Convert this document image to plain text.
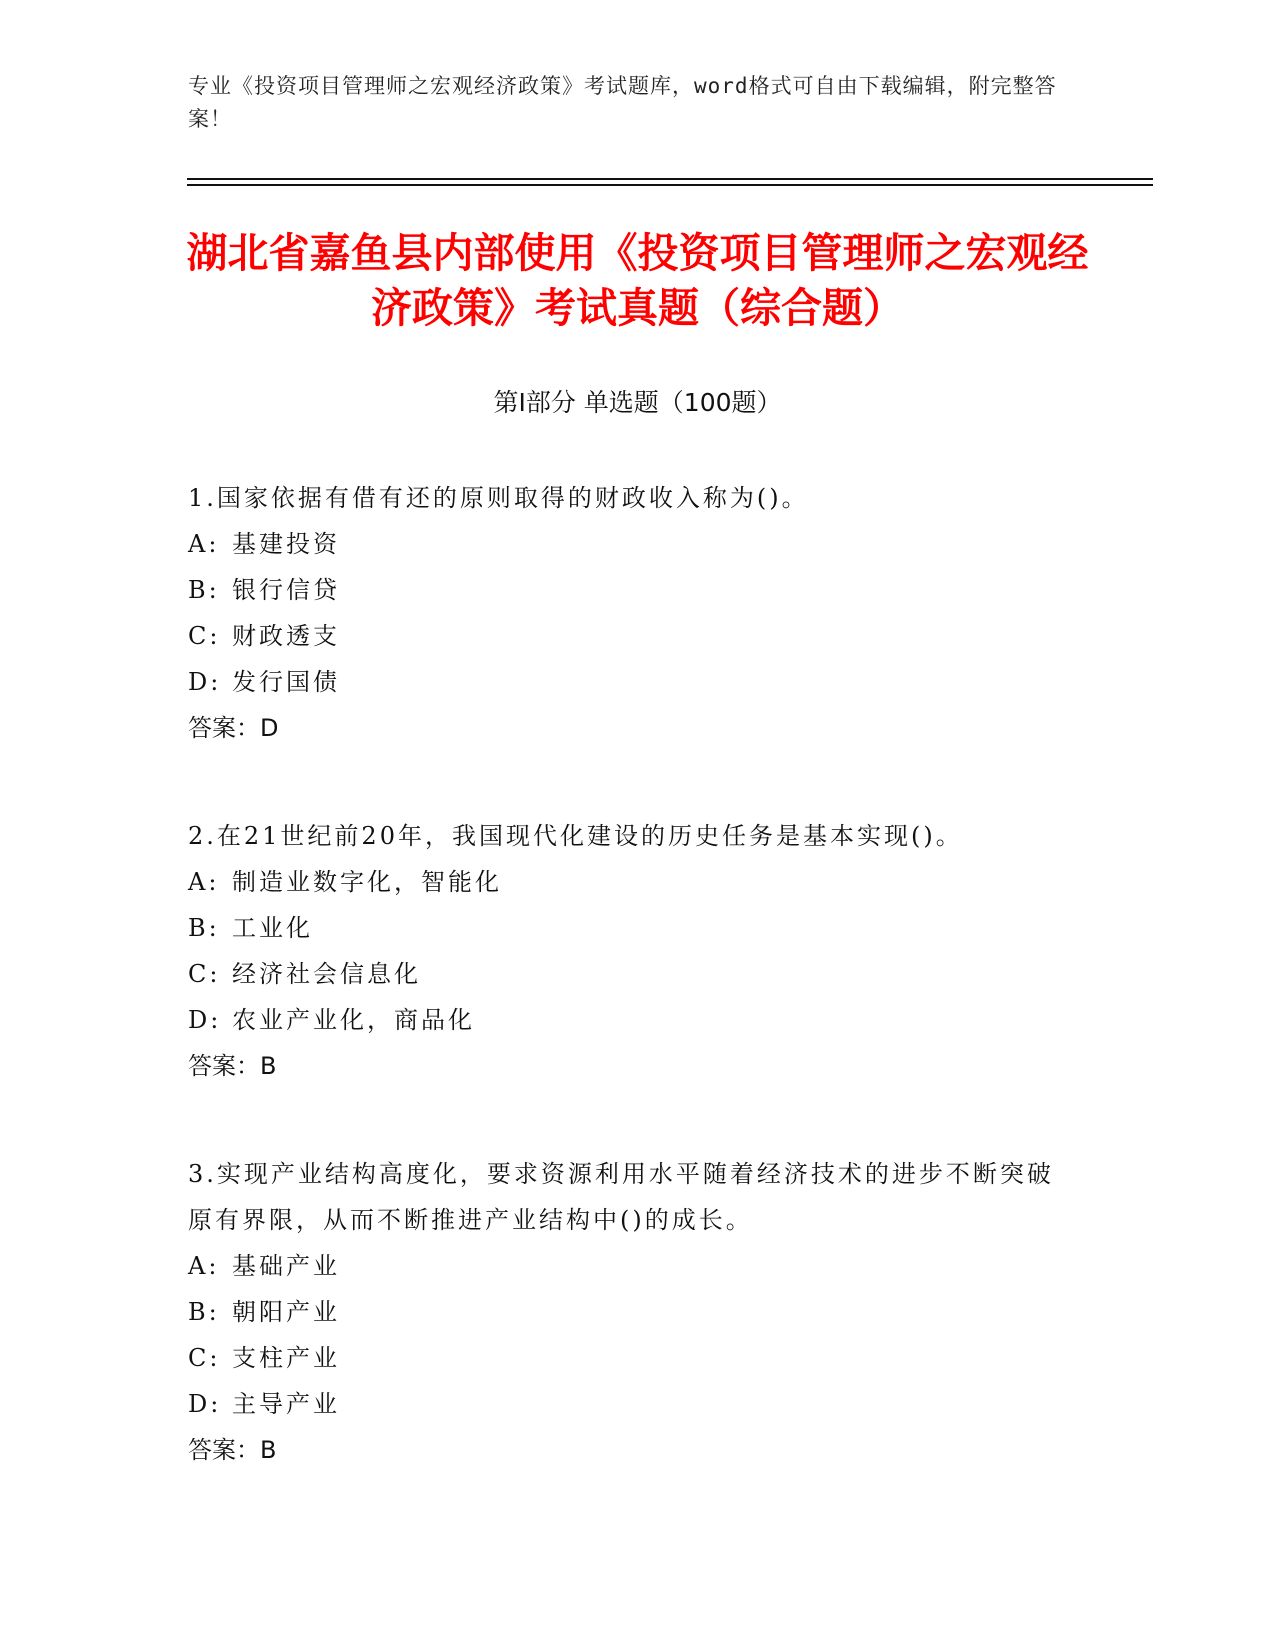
专业《投资项目管理师之宏观经济政策》考试题库，word格式可自由下载编辑，附完整答案！
湖北省嘉鱼县内部使用《投资项目管理师之宏观经济政策》考试真题（综合题）
第I部分 单选题（100题）
1.国家依据有借有还的原则取得的财政收入称为()。
A: 基建投资
B: 银行信贷
C: 财政透支
D: 发行国债
答案：D
2.在21世纪前20年，我国现代化建设的历史任务是基本实现()。
A: 制造业数字化，智能化
B: 工业化
C: 经济社会信息化
D: 农业产业化，商品化
答案：B
3.实现产业结构高度化，要求资源利用水平随着经济技术的进步不断突破原有界限，从而不断推进产业结构中()的成长。
A: 基础产业
B: 朝阳产业
C: 支柱产业
D: 主导产业
答案：B
